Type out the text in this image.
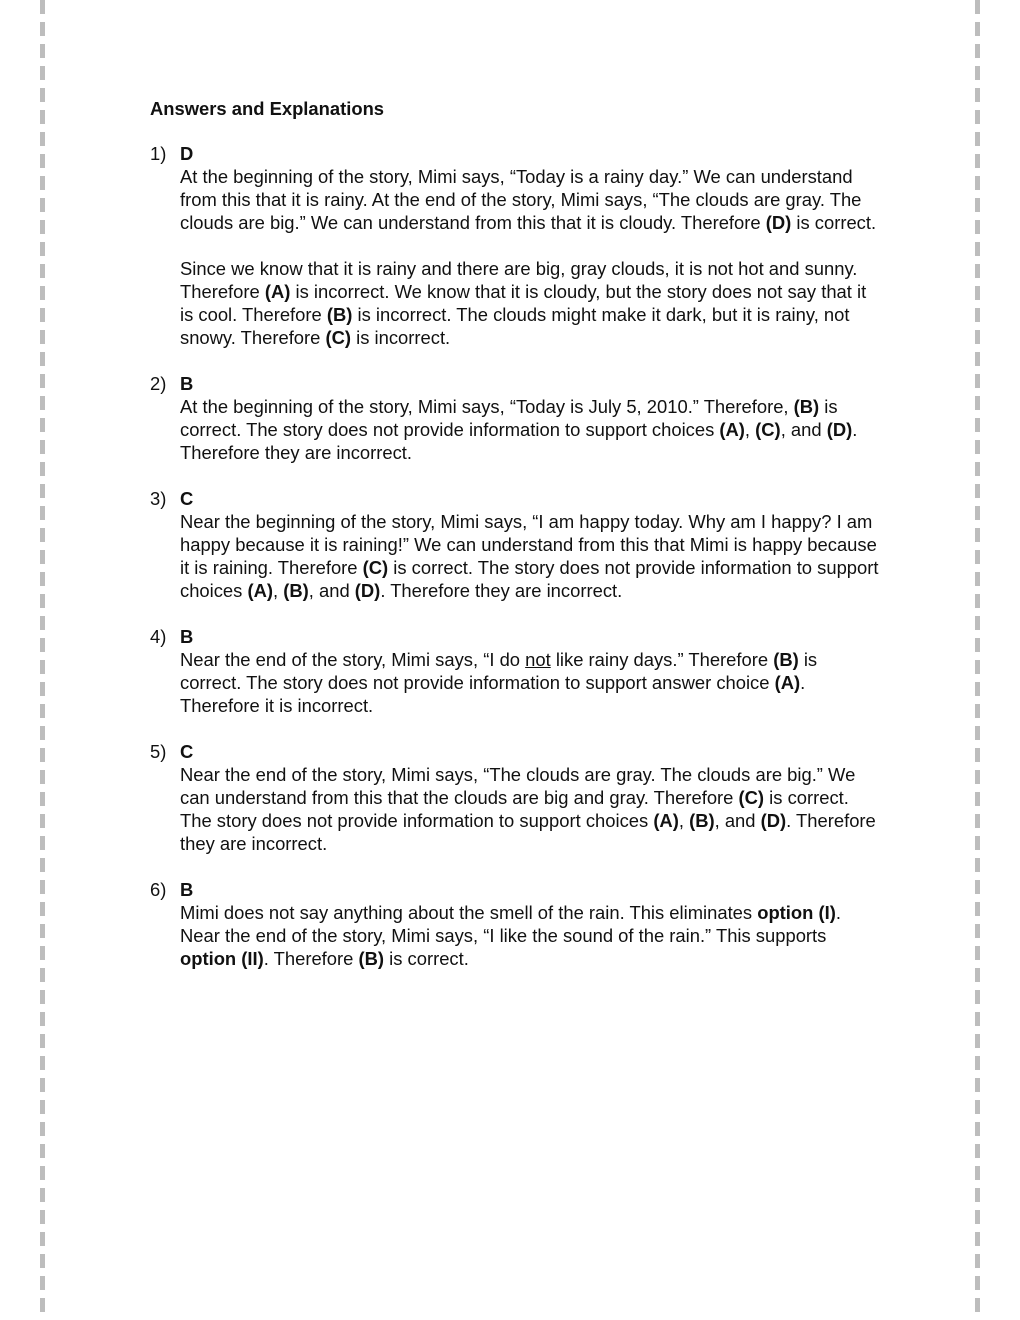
Answers and Explanations
1) D

At the beginning of the story, Mimi says, “Today is a rainy day.” We can understand from this that it is rainy. At the end of the story, Mimi says, “The clouds are gray. The clouds are big.” We can understand from this that it is cloudy. Therefore (D) is correct.

Since we know that it is rainy and there are big, gray clouds, it is not hot and sunny. Therefore (A) is incorrect. We know that it is cloudy, but the story does not say that it is cool. Therefore (B) is incorrect. The clouds might make it dark, but it is rainy, not snowy. Therefore (C) is incorrect.

2) B

At the beginning of the story, Mimi says, “Today is July 5, 2010.” Therefore, (B) is correct. The story does not provide information to support choices (A), (C), and (D). Therefore they are incorrect.

3) C

Near the beginning of the story, Mimi says, “I am happy today. Why am I happy? I am happy because it is raining!” We can understand from this that Mimi is happy because it is raining. Therefore (C) is correct. The story does not provide information to support choices (A), (B), and (D). Therefore they are incorrect.

4) B

Near the end of the story, Mimi says, “I do not like rainy days.” Therefore (B) is correct. The story does not provide information to support answer choice (A). Therefore it is incorrect.

5) C

Near the end of the story, Mimi says, “The clouds are gray. The clouds are big.” We can understand from this that the clouds are big and gray. Therefore (C) is correct. The story does not provide information to support choices (A), (B), and (D). Therefore they are incorrect.

6) B

Mimi does not say anything about the smell of the rain. This eliminates option (I). Near the end of the story, Mimi says, “I like the sound of the rain.” This supports option (II). Therefore (B) is correct.
